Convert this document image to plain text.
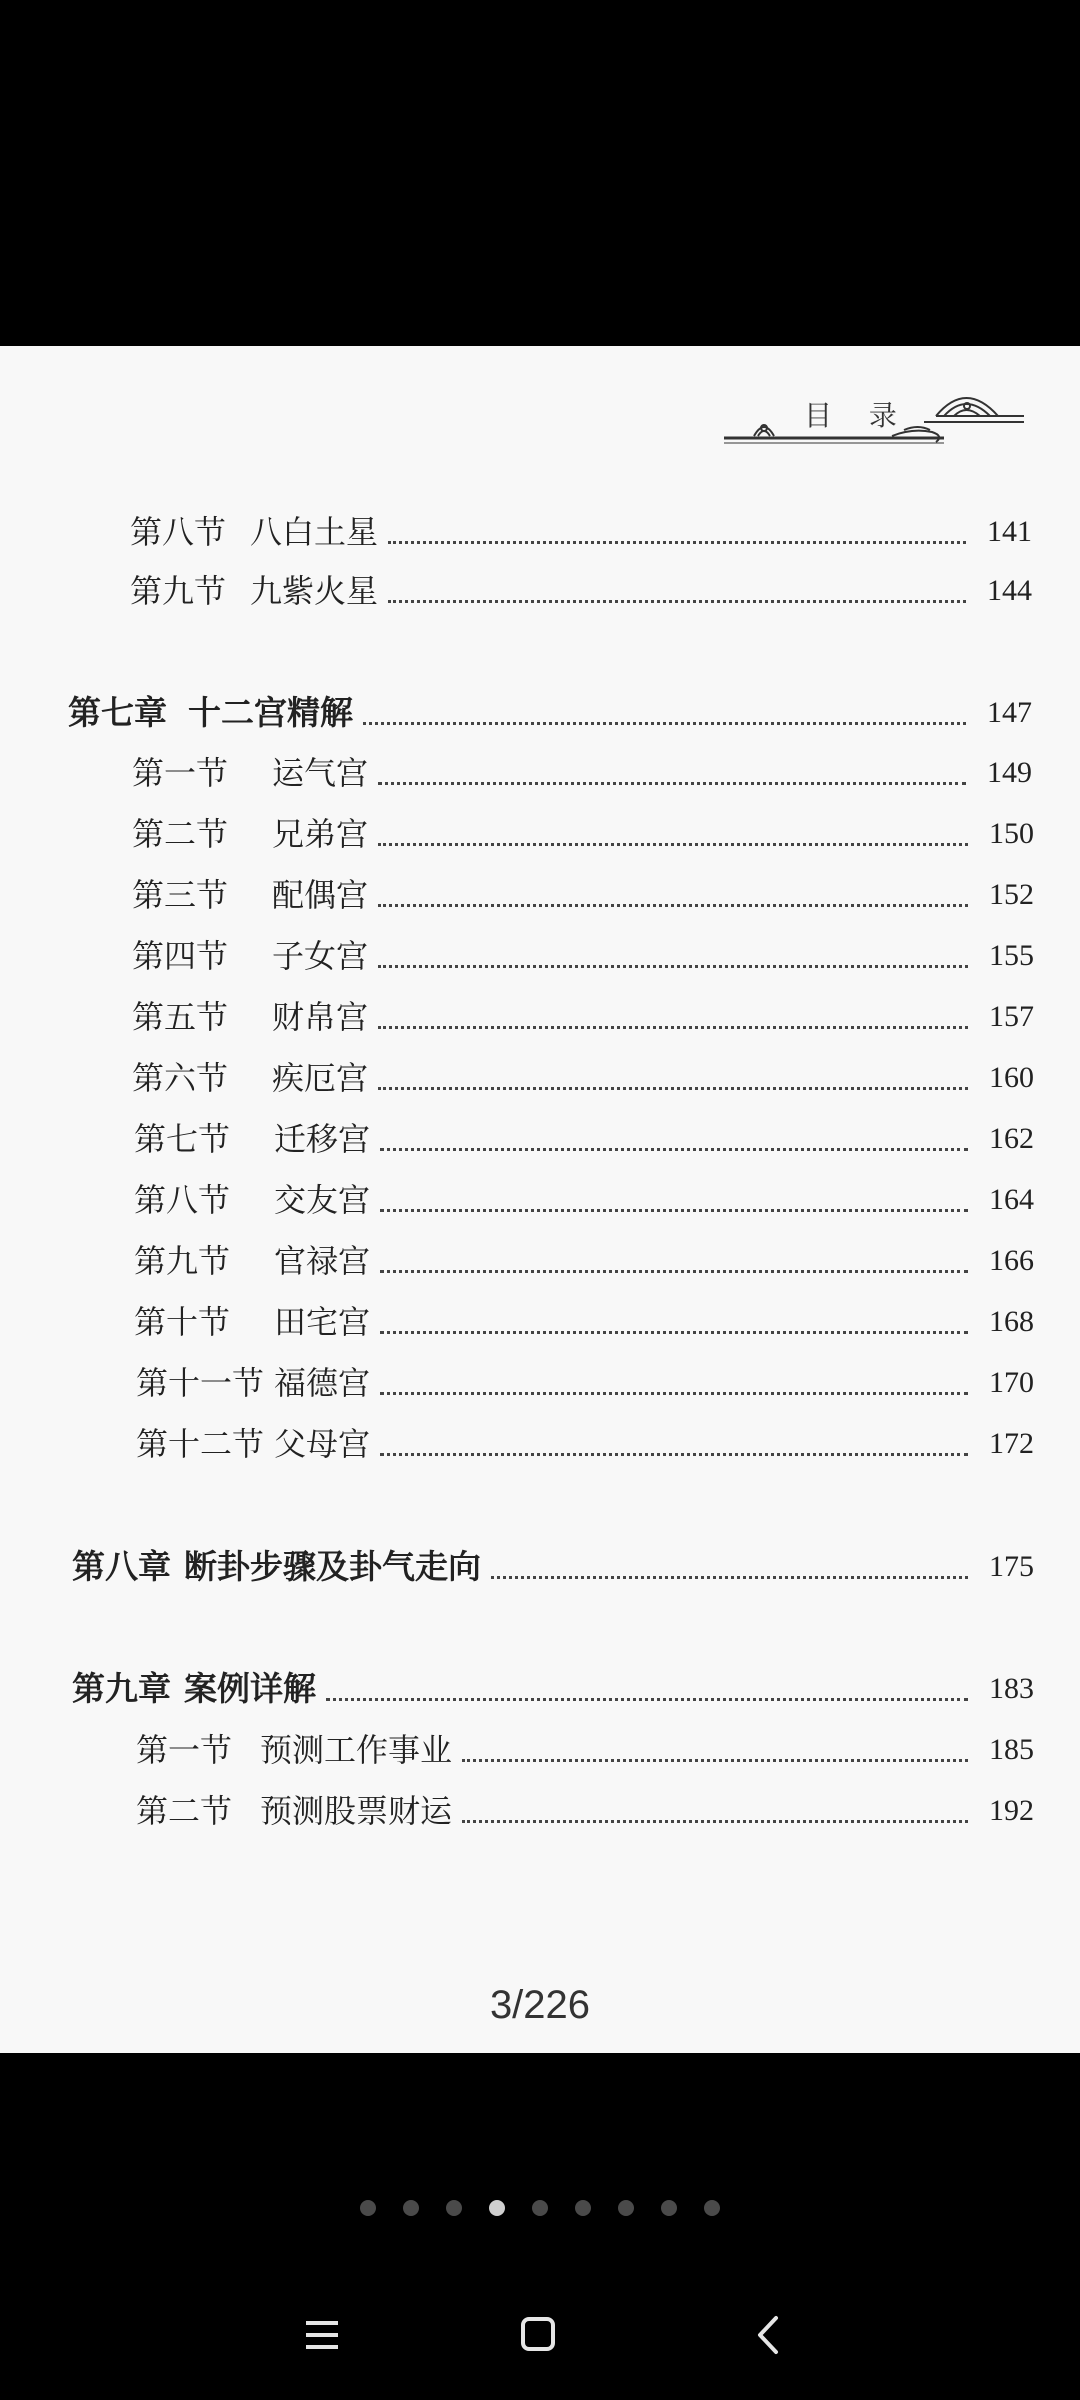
目 录
第八节 八白土星	141
第九节 九紫火星	144
第七章 十二宫精解	147
第一节 运气宫	149
第二节 兄弟宫	150
第三节 配偶宫	152
第四节 子女宫	155
第五节 财帛宫	157
第六节 疾厄宫	160
第七节 迁移宫	162
第八节 交友宫	164
第九节 官禄宫	166
第十节 田宅宫	168
第十一节 福德宫	170
第十二节 父母宫	172
第八章 断卦步骤及卦气走向	175
第九章 案例详解	183
第一节 预测工作事业	185
第二节 预测股票财运	192
3/226
